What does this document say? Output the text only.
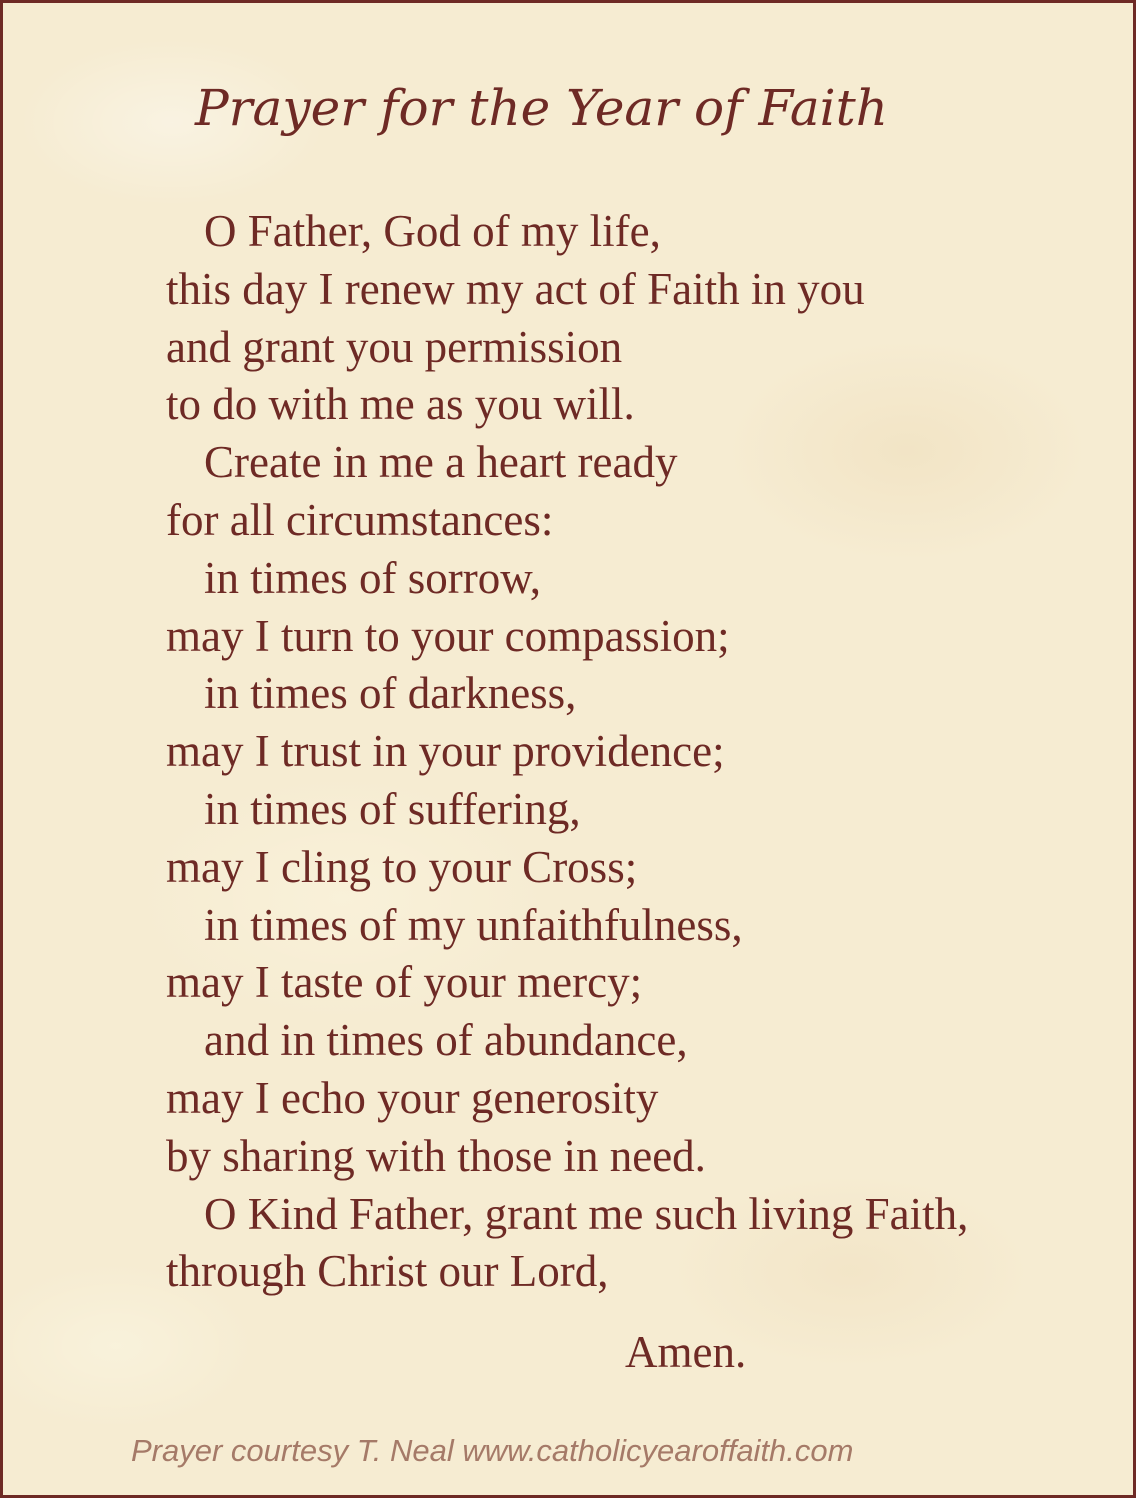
Prayer for the Year of Faith
O Father, God of my life,
this day I renew my act of Faith in you
and grant you permission
to do with me as you will.
Create in me a heart ready
for all circumstances:
in times of sorrow,
may I turn to your compassion;
in times of darkness,
may I trust in your providence;
in times of suffering,
may I cling to your Cross;
in times of my unfaithfulness,
may I taste of your mercy;
and in times of abundance,
may I echo your generosity
by sharing with those in need.
O Kind Father, grant me such living Faith,
through Christ our Lord,

Amen.

Prayer courtesy T. Neal www.catholicyearoffaith.com
